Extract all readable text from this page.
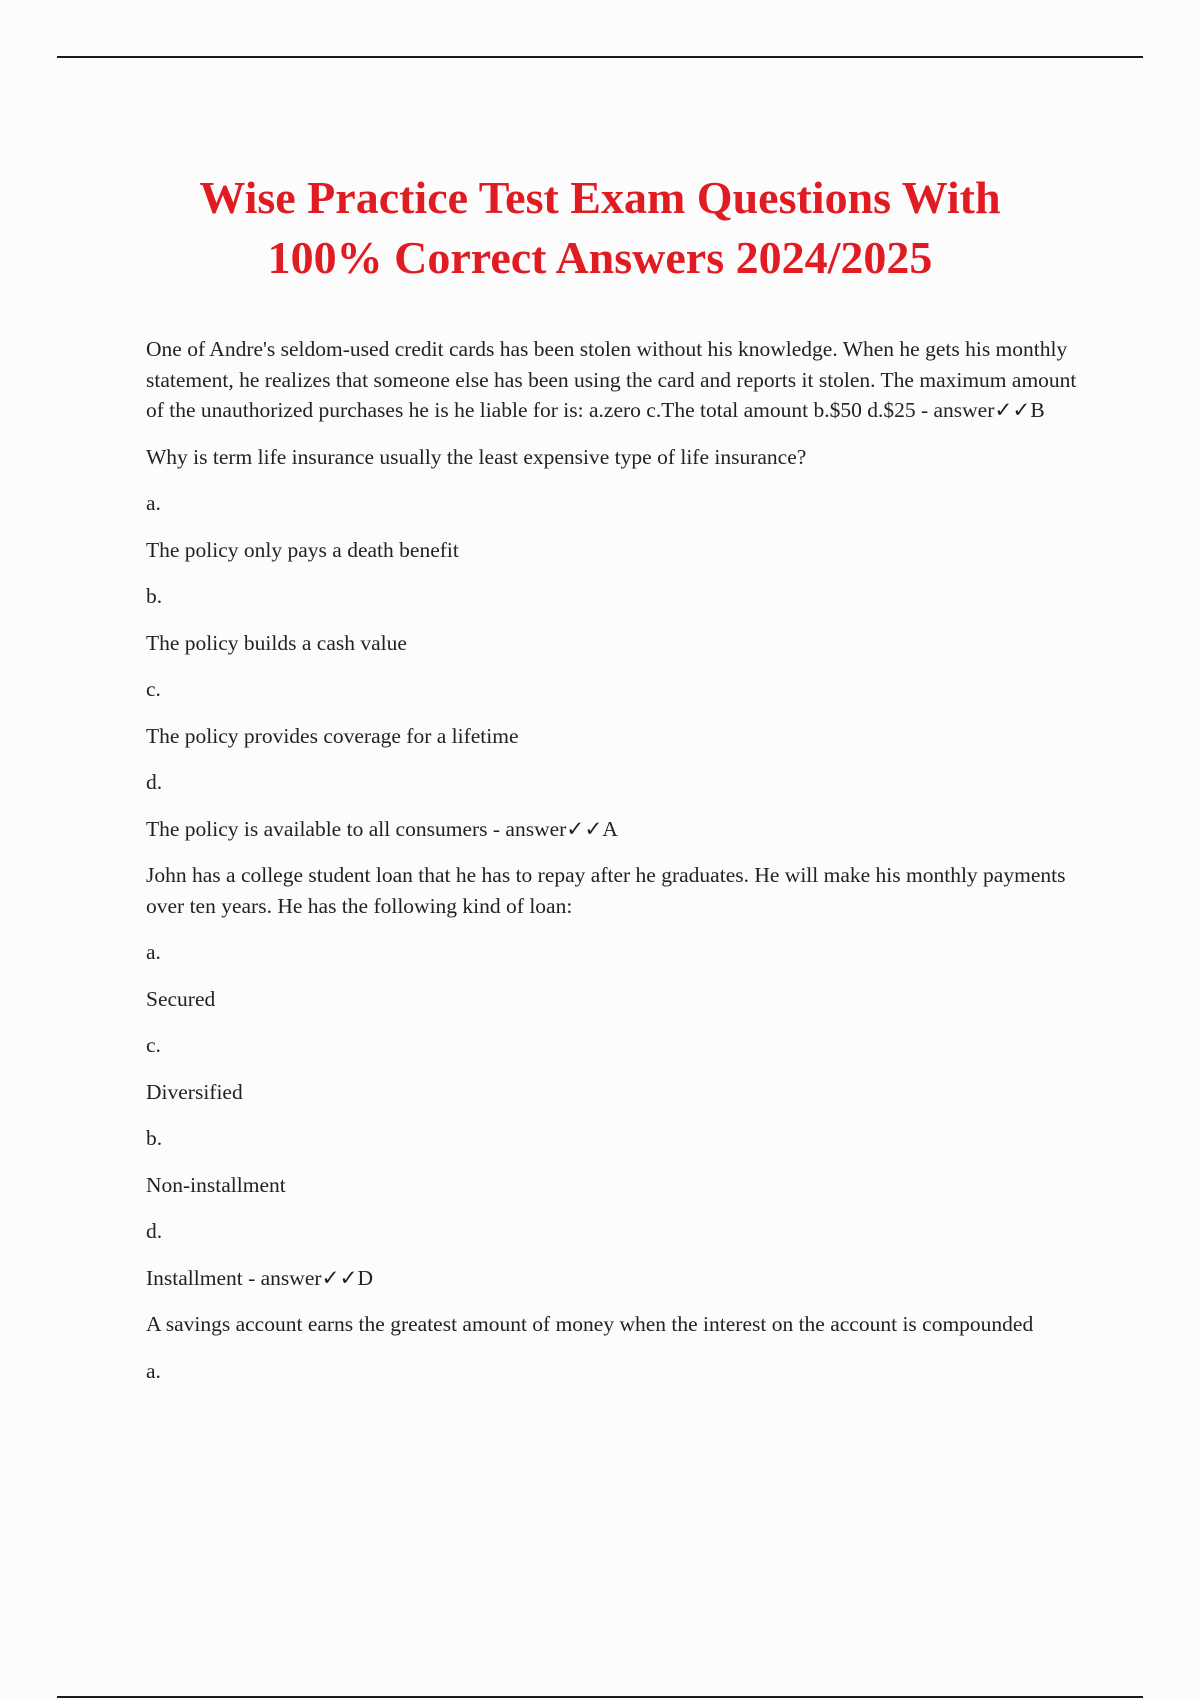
Wise Practice Test Exam Questions With
100% Correct Answers 2024/2025

One of Andre's seldom-used credit cards has been stolen without his knowledge. When he gets his monthly statement, he realizes that someone else has been using the card and reports it stolen. The maximum amount of the unauthorized purchases he is he liable for is: a.zero c.The total amount b.$50 d.$25 - answer✓✓B

Why is term life insurance usually the least expensive type of life insurance?

a.

The policy only pays a death benefit

b.

The policy builds a cash value

c.

The policy provides coverage for a lifetime

d.

The policy is available to all consumers - answer✓✓A

John has a college student loan that he has to repay after he graduates. He will make his monthly payments over ten years. He has the following kind of loan:

a.

Secured

c.

Diversified

b.

Non-installment

d.

Installment - answer✓✓D

A savings account earns the greatest amount of money when the interest on the account is compounded

a.
